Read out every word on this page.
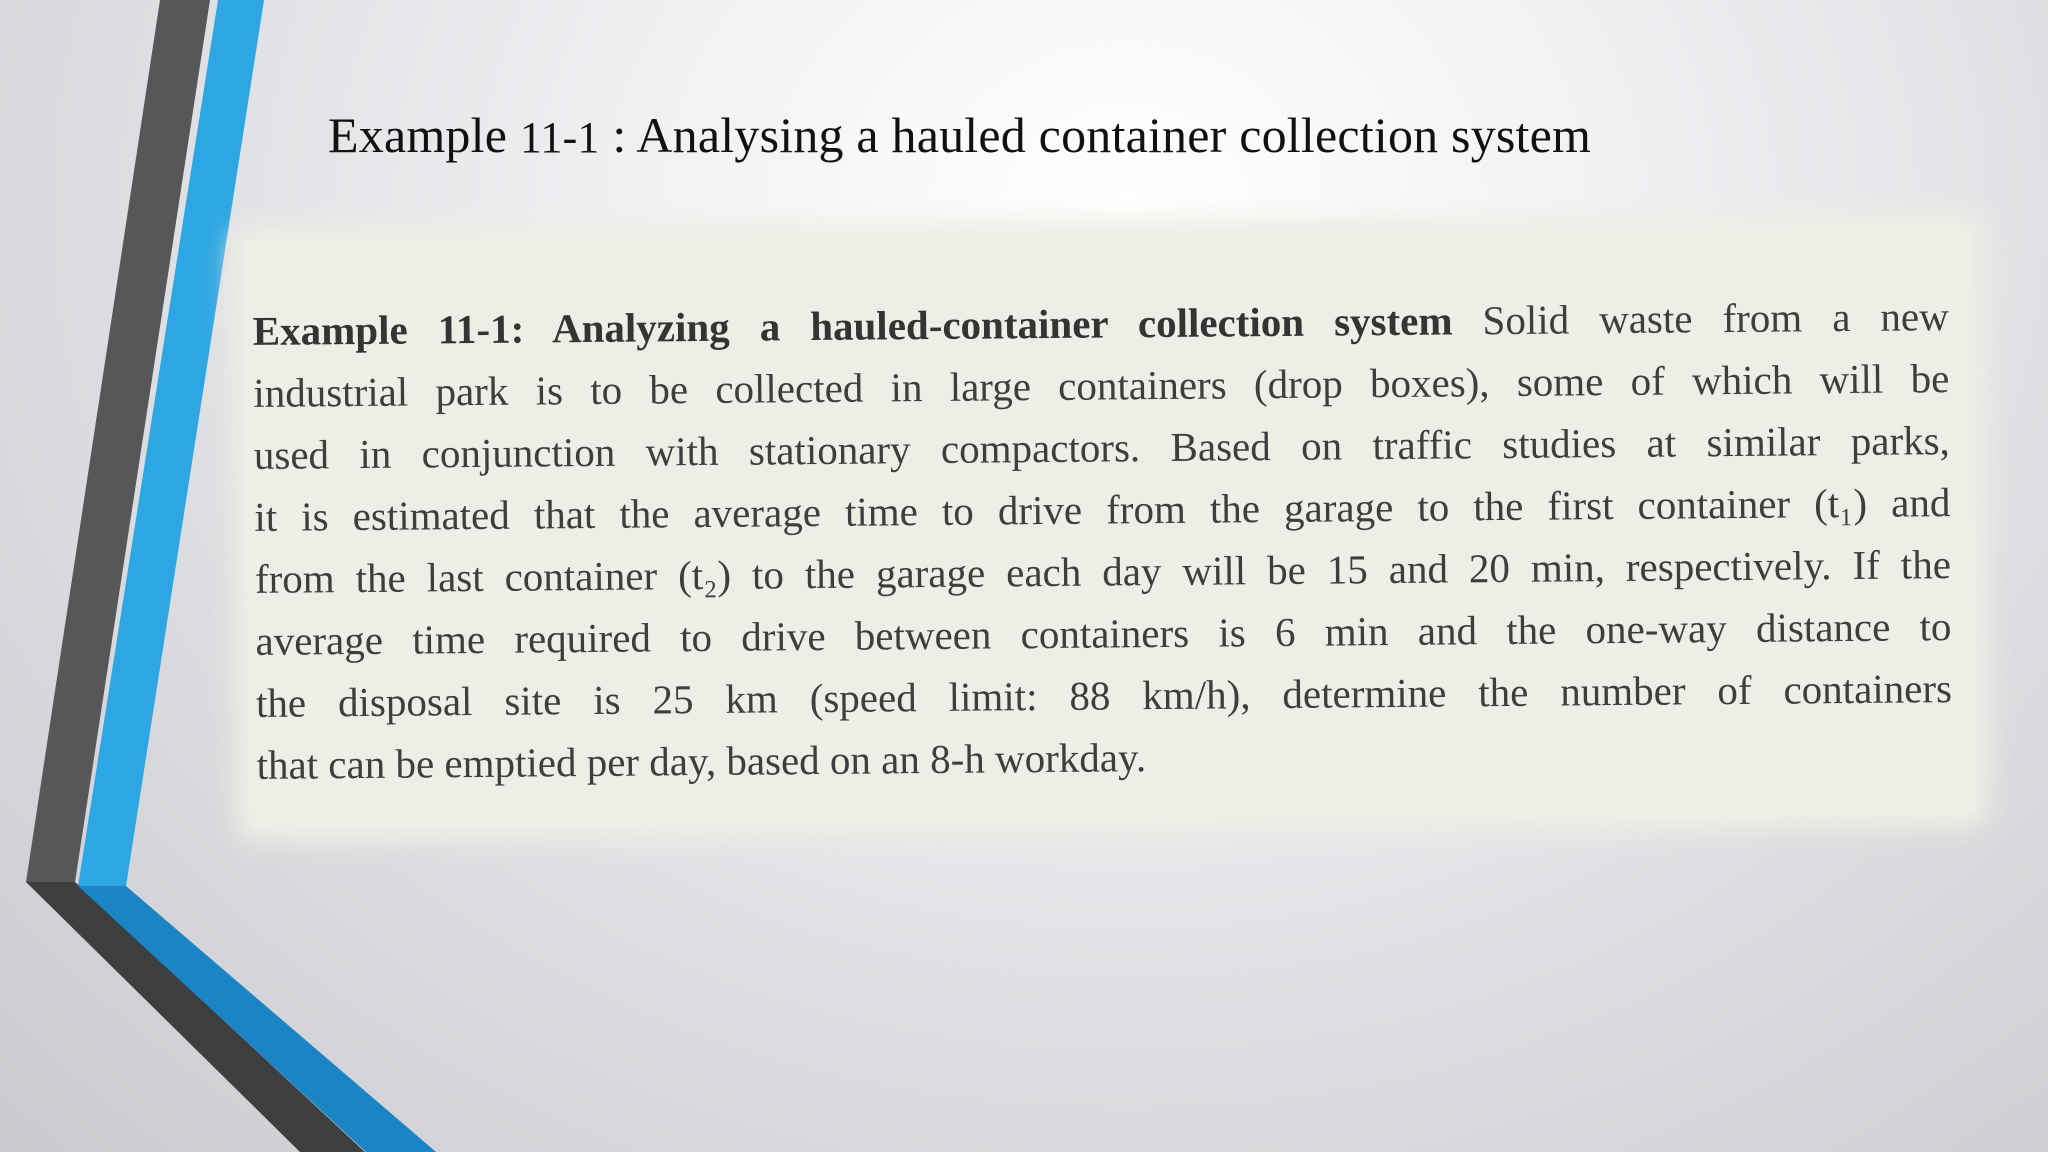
Example 11-1 : Analysing a hauled container collection system
Example 11-1: Analyzing a hauled-container collection system Solid waste from a new
industrial park is to be collected in large containers (drop boxes), some of which will be
used in conjunction with stationary compactors. Based on traffic studies at similar parks,
it is estimated that the average time to drive from the garage to the first container (t₁) and
from the last container (t₂) to the garage each day will be 15 and 20 min, respectively. If the
average time required to drive between containers is 6 min and the one-way distance to
the disposal site is 25 km (speed limit: 88 km/h), determine the number of containers
that can be emptied per day, based on an 8-h workday.
